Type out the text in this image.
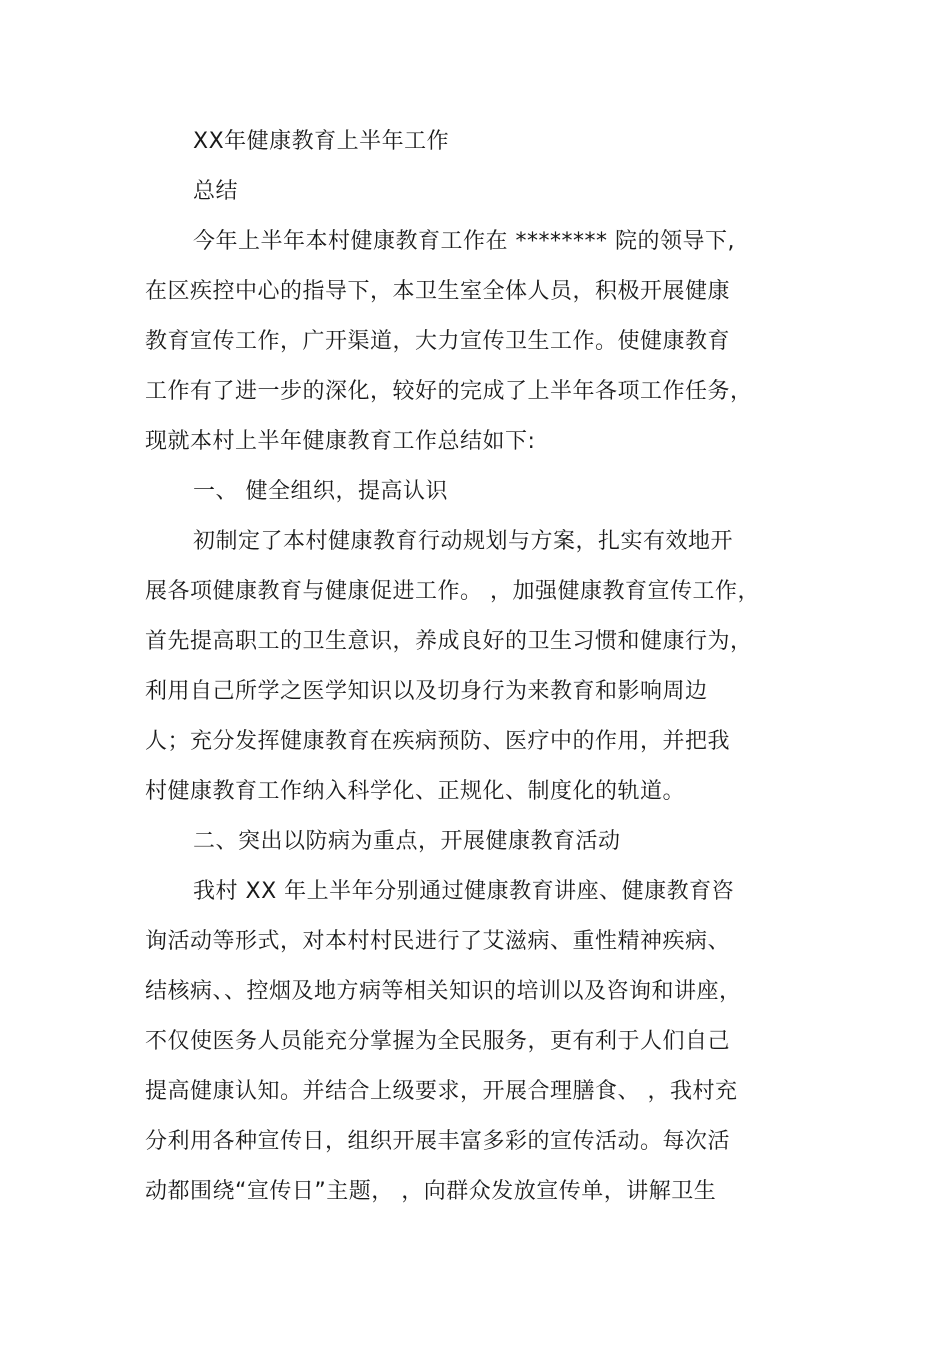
XX年健康教育上半年工作
总结
今年上半年本村健康教育工作在 ******** 院的领导下,
在区疾控中心的指导下，本卫生室全体人员，积极开展健康
教育宣传工作，广开渠道，大力宣传卫生工作。使健康教育
工作有了进一步的深化，较好的完成了上半年各项工作任务，
现就本村上半年健康教育工作总结如下:
一、 健全组织，提高认识
初制定了本村健康教育行动规划与方案，扎实有效地开
展各项健康教育与健康促进工作。 ，加强健康教育宣传工作，
首先提高职工的卫生意识，养成良好的卫生习惯和健康行为，
利用自己所学之医学知识以及切身行为来教育和影响周边
人；充分发挥健康教育在疾病预防、医疗中的作用，并把我
村健康教育工作纳入科学化、正规化、制度化的轨道。
二、突出以防病为重点，开展健康教育活动
我村 XX 年上半年分别通过健康教育讲座、健康教育咨
询活动等形式，对本村村民进行了艾滋病、重性精神疾病、
结核病、、控烟及地方病等相关知识的培训以及咨询和讲座，
不仅使医务人员能充分掌握为全民服务，更有利于人们自己
提高健康认知。并结合上级要求，开展合理膳食、 ，我村充
分利用各种宣传日，组织开展丰富多彩的宣传活动。每次活
动都围绕“宣传日”主题， ，向群众发放宣传单，讲解卫生
